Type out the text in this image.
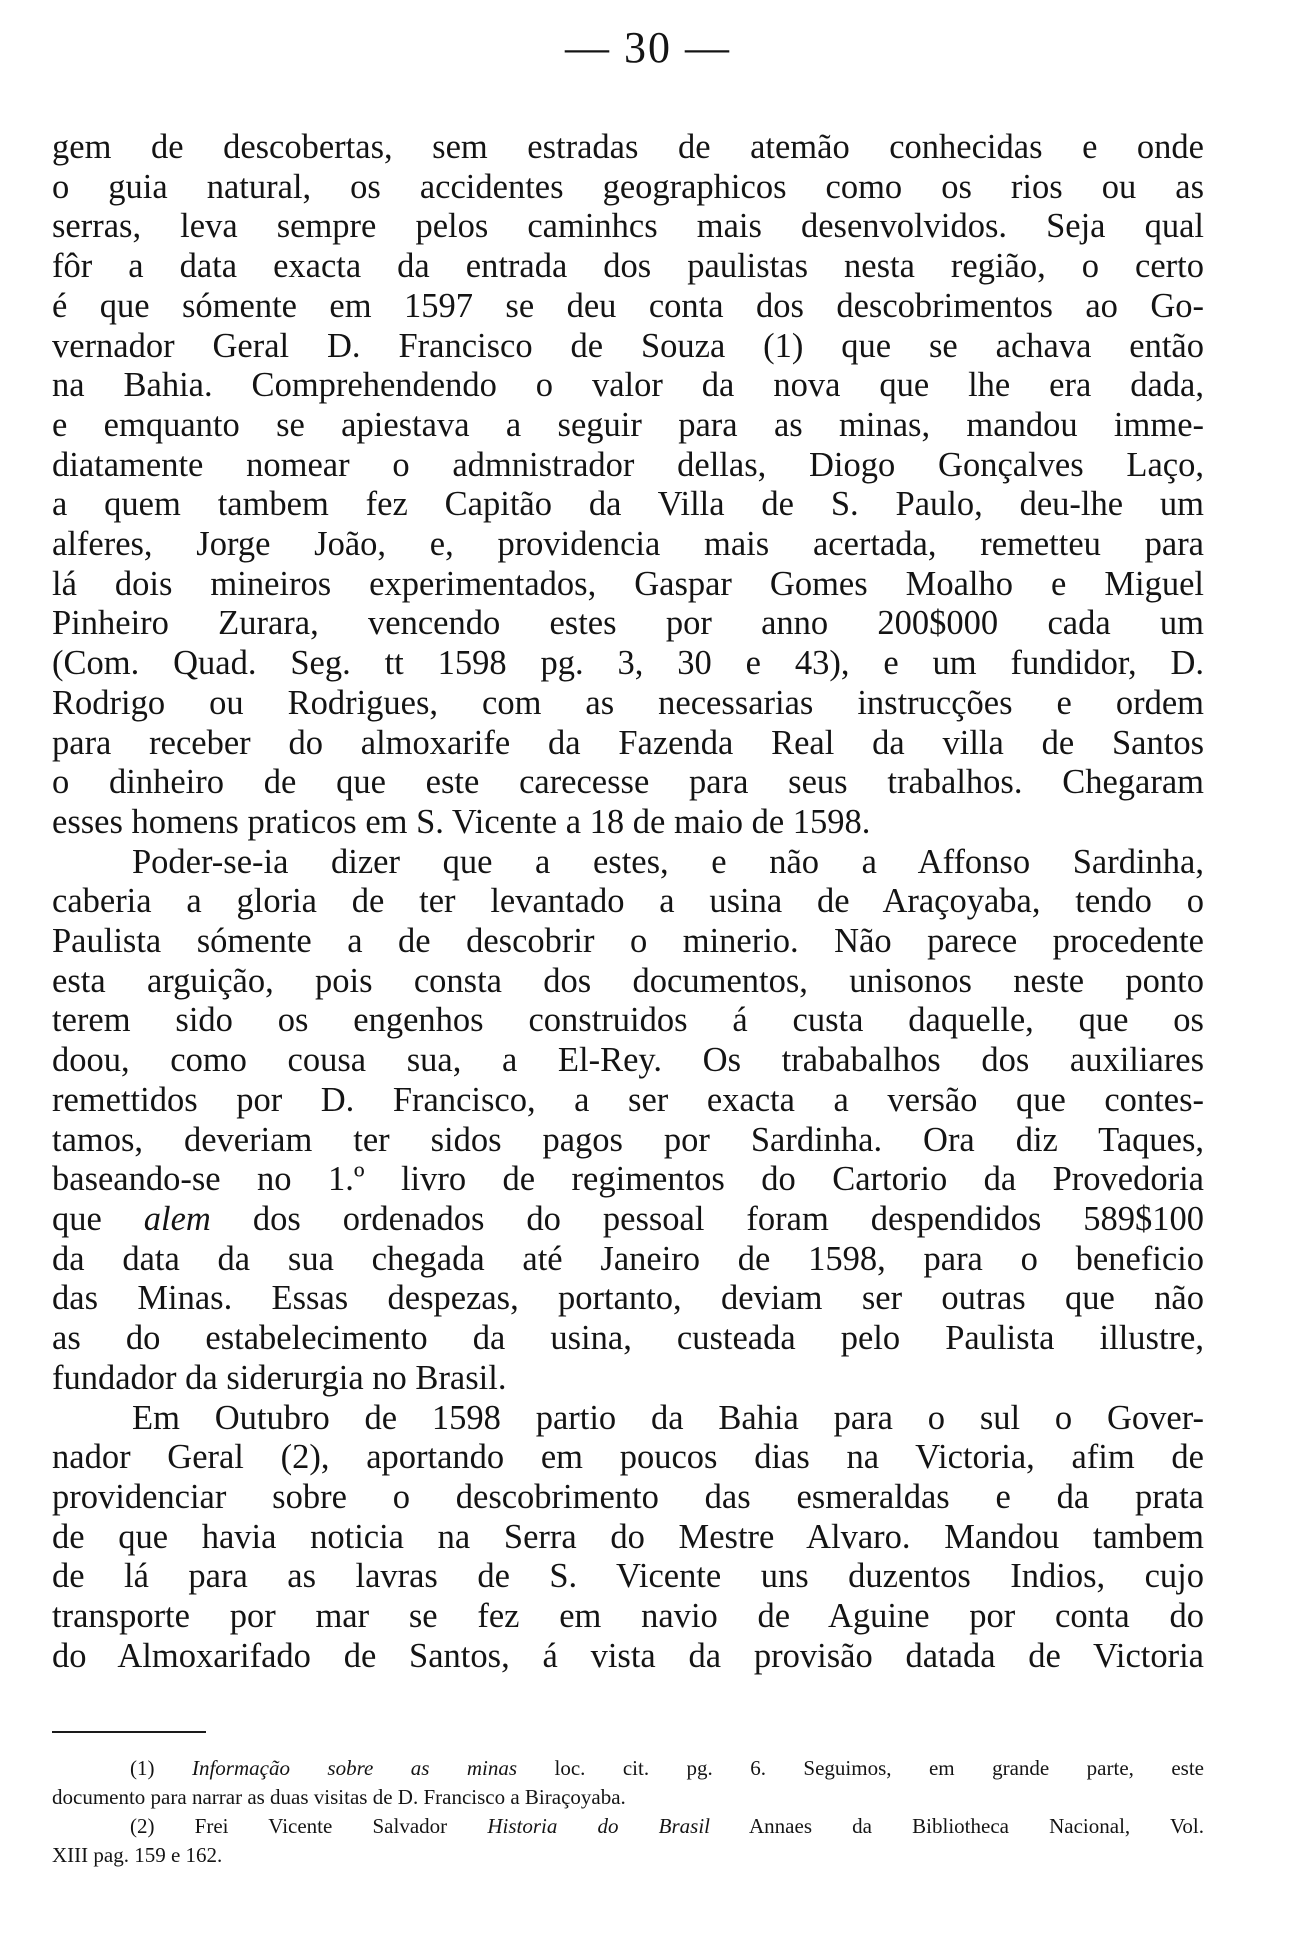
— 30 —
gem de descobertas, sem estradas de atemão conhecidas e onde
o guia natural, os accidentes geographicos como os rios ou as
serras, leva sempre pelos caminhcs mais desenvolvidos. Seja qual
fôr a data exacta da entrada dos paulistas nesta região, o certo
é que sómente em 1597 se deu conta dos descobrimentos ao Go-
vernador Geral D. Francisco de Souza (1) que se achava então
na Bahia. Comprehendendo o valor da nova que lhe era dada,
e emquanto se apiestava a seguir para as minas, mandou imme-
diatamente nomear o admnistrador dellas, Diogo Gonçalves Laço,
a quem tambem fez Capitão da Villa de S. Paulo, deu-lhe um
alferes, Jorge João, e, providencia mais acertada, remetteu para
lá dois mineiros experimentados, Gaspar Gomes Moalho e Miguel
Pinheiro Zurara, vencendo estes por anno 200$000 cada um
(Com. Quad. Seg. tt 1598 pg. 3, 30 e 43), e um fundidor, D.
Rodrigo ou Rodrigues, com as necessarias instrucções e ordem
para receber do almoxarife da Fazenda Real da villa de Santos
o dinheiro de que este carecesse para seus trabalhos. Chegaram
esses homens praticos em S. Vicente a 18 de maio de 1598.
Poder-se-ia dizer que a estes, e não a Affonso Sardinha,
caberia a gloria de ter levantado a usina de Araçoyaba, tendo o
Paulista sómente a de descobrir o minerio. Não parece procedente
esta arguição, pois consta dos documentos, unisonos neste ponto
terem sido os engenhos construidos á custa daquelle, que os
doou, como cousa sua, a El-Rey. Os trababalhos dos auxiliares
remettidos por D. Francisco, a ser exacta a versão que contes-
tamos, deveriam ter sidos pagos por Sardinha. Ora diz Taques,
baseando-se no 1.º livro de regimentos do Cartorio da Provedoria
que alem dos ordenados do pessoal foram despendidos 589$100
da data da sua chegada até Janeiro de 1598, para o beneficio
das Minas. Essas despezas, portanto, deviam ser outras que não
as do estabelecimento da usina, custeada pelo Paulista illustre,
fundador da siderurgia no Brasil.
Em Outubro de 1598 partio da Bahia para o sul o Gover-
nador Geral (2), aportando em poucos dias na Victoria, afim de
providenciar sobre o descobrimento das esmeraldas e da prata
de que havia noticia na Serra do Mestre Alvaro. Mandou tambem
de lá para as lavras de S. Vicente uns duzentos Indios, cujo
transporte por mar se fez em navio de Aguine por conta do
do Almoxarifado de Santos, á vista da provisão datada de Victoria
(1) Informação sobre as minas loc. cit. pg. 6. Seguimos, em grande parte, este
documento para narrar as duas visitas de D. Francisco a Biraçoyaba.
(2) Frei Vicente Salvador Historia do Brasil Annaes da Bibliotheca Nacional, Vol.
XIII pag. 159 e 162.
